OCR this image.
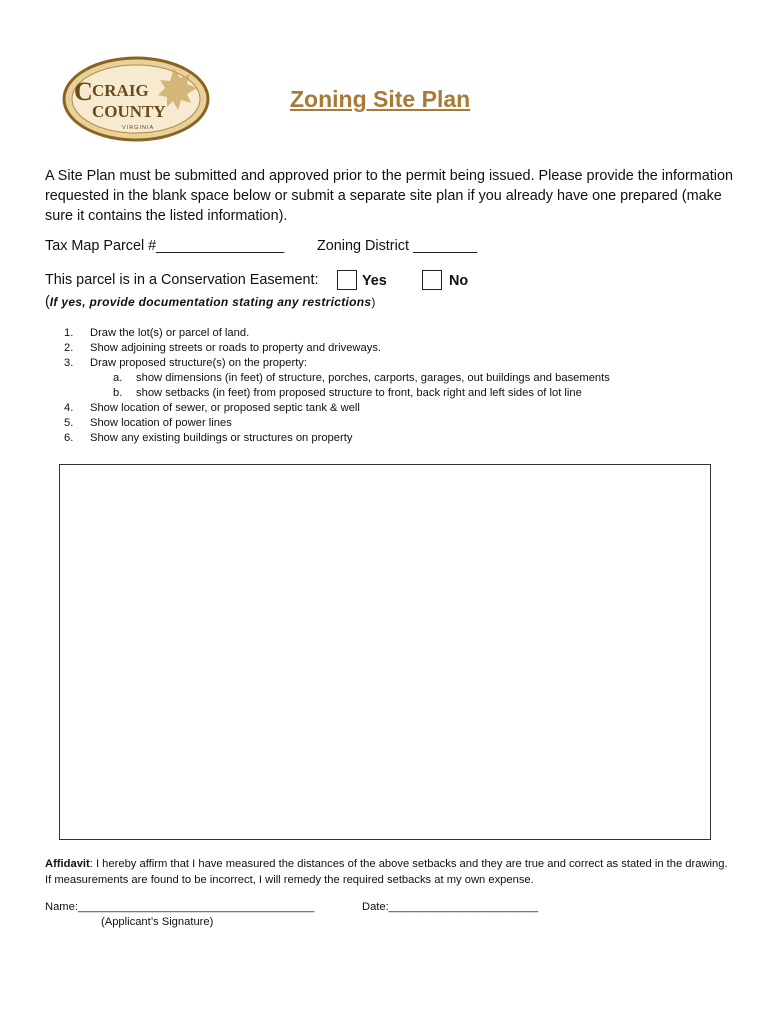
C CRAIG
COUNTY
VIRGINIA
Zoning Site Plan
A Site Plan must be submitted and approved prior to the permit being issued. Please provide the information requested in the blank space below or submit a separate site plan if you already have one prepared (make sure it contains the listed information).
Tax Map Parcel #________________ Zoning District ________
This parcel is in a Conservation Easement:	Yes	No
(If yes, provide documentation stating any restrictions)
1. Draw the lot(s) or parcel of land.
2. Show adjoining streets or roads to property and driveways.
3. Draw proposed structure(s) on the property:
a. show dimensions (in feet) of structure, porches, carports, garages, out buildings and basements
b. show setbacks (in feet) from proposed structure to front, back right and left sides of lot line
4. Show location of sewer, or proposed septic tank & well
5. Show location of power lines
6. Show any existing buildings or structures on property
Affidavit: I hereby affirm that I have measured the distances of the above setbacks and they are true and correct as stated in the drawing. If measurements are found to be incorrect, I will remedy the required setbacks at my own expense.
Name:______________________________________	Date:________________________
(Applicant’s Signature)
